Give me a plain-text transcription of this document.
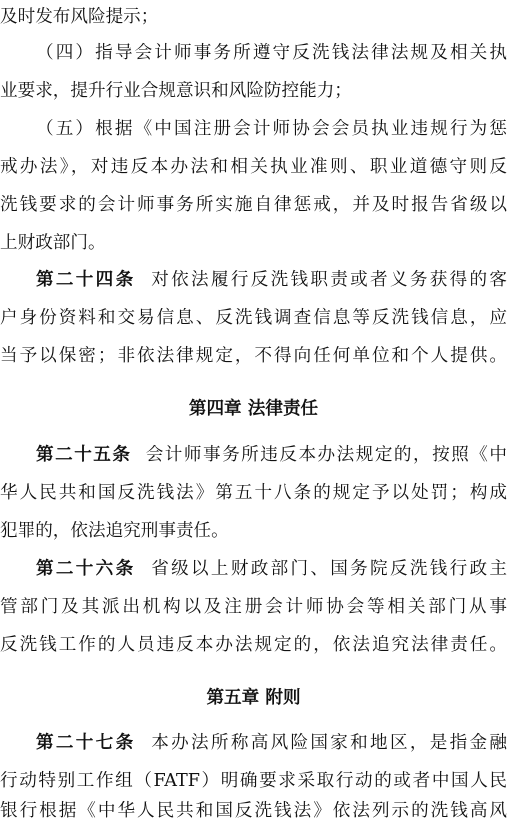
及时发布风险提示；
（四）指导会计师事务所遵守反洗钱法律法规及相关执
业要求，提升行业合规意识和风险防控能力；
（五）根据《中国注册会计师协会会员执业违规行为惩
戒办法》，对违反本办法和相关执业准则、职业道德守则反
洗钱要求的会计师事务所实施自律惩戒，并及时报告省级以
上财政部门。
第二十四条 对依法履行反洗钱职责或者义务获得的客
户身份资料和交易信息、反洗钱调查信息等反洗钱信息，应
当予以保密；非依法律规定，不得向任何单位和个人提供。
第四章 法律责任
第二十五条 会计师事务所违反本办法规定的，按照《中
华人民共和国反洗钱法》第五十八条的规定予以处罚；构成
犯罪的，依法追究刑事责任。
第二十六条 省级以上财政部门、国务院反洗钱行政主
管部门及其派出机构以及注册会计师协会等相关部门从事
反洗钱工作的人员违反本办法规定的，依法追究法律责任。
第五章 附则
第二十七条 本办法所称高风险国家和地区，是指金融
行动特别工作组（FATF）明确要求采取行动的或者中国人民
银行根据《中华人民共和国反洗钱法》依法列示的洗钱高风
